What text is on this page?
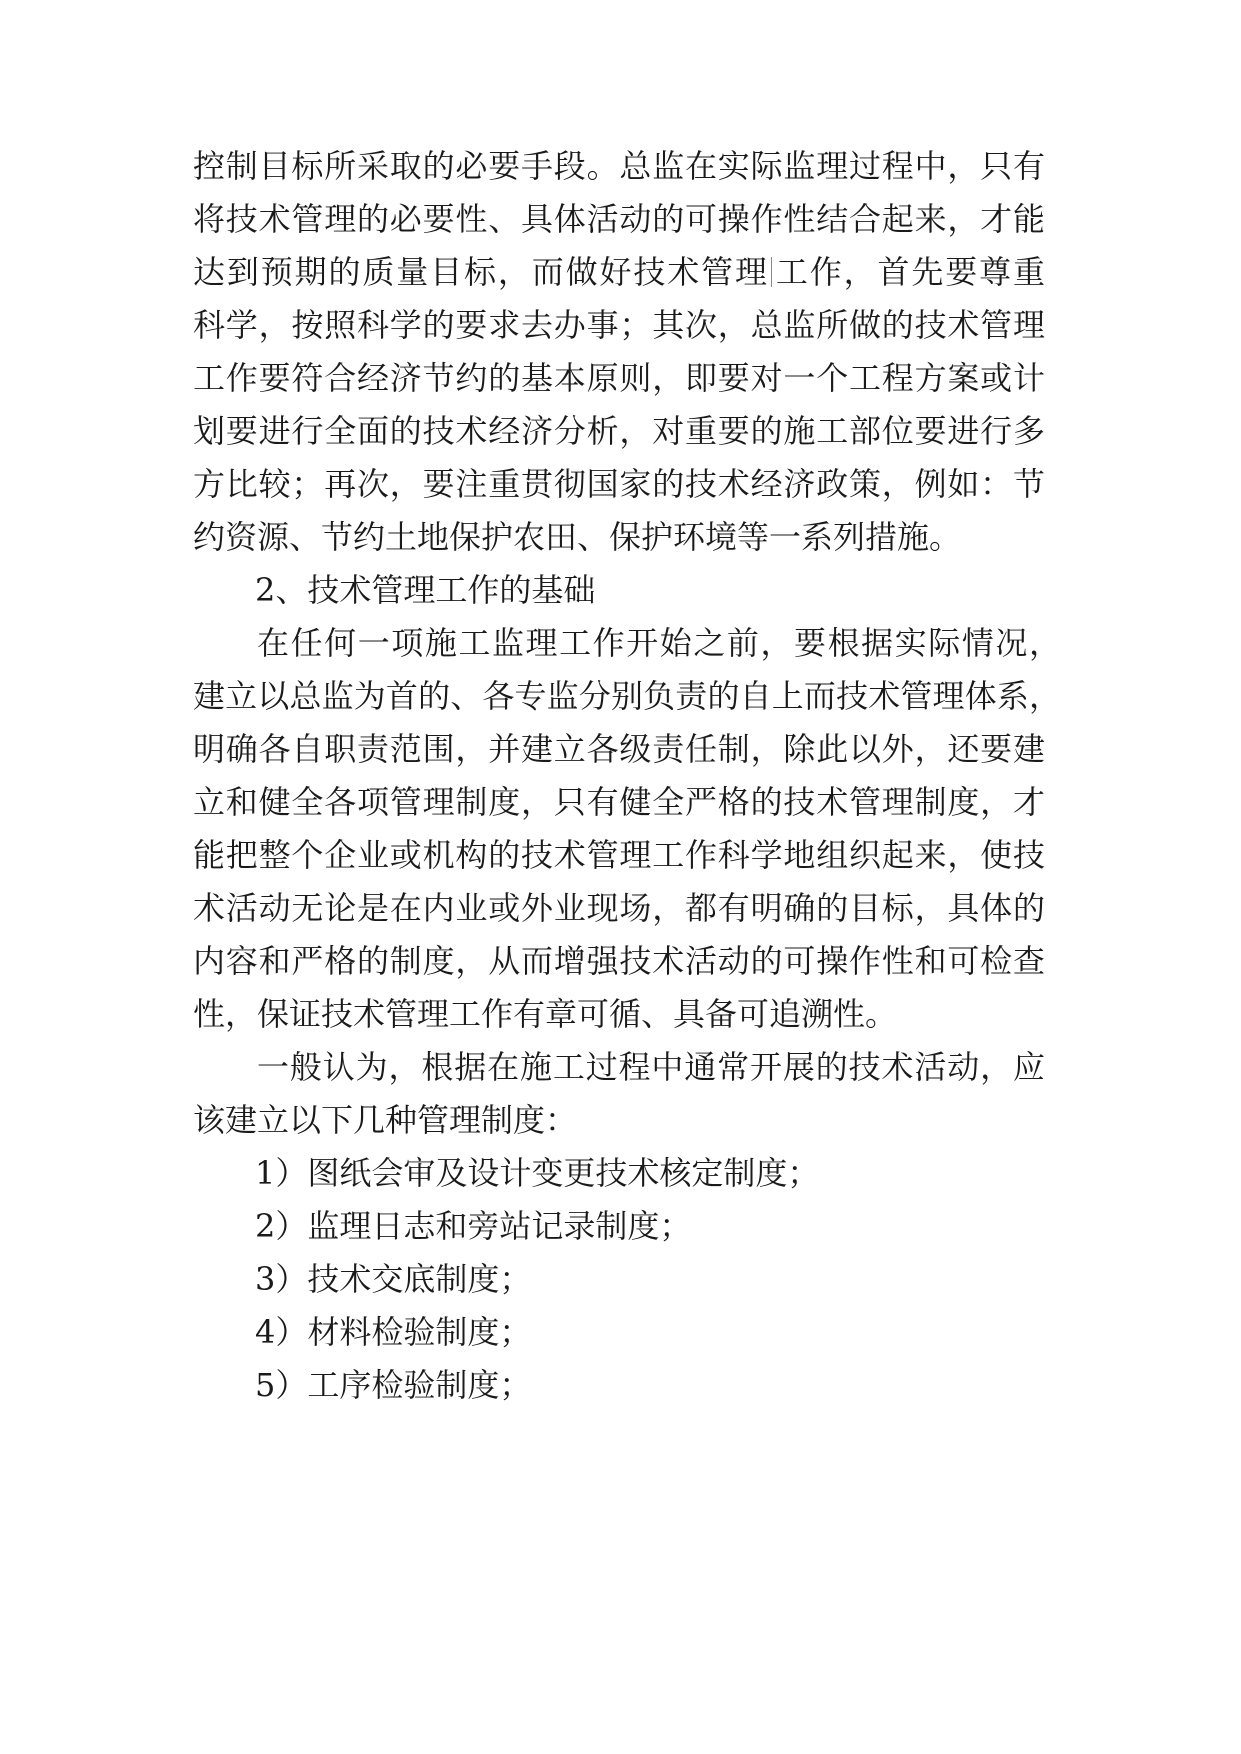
控制目标所采取的必要手段。总监在实际监理过程中，只有
将技术管理的必要性、具体活动的可操作性结合起来，才能
达到预期的质量目标，而做好技术管理 工作，首先要尊重
科学，按照科学的要求去办事；其次，总监所做的技术管理
工作要符合经济节约的基本原则，即要对一个工程方案或计
划要进行全面的技术经济分析，对重要的施工部位要进行多
方比较；再次，要注重贯彻国家的技术经济政策，例如：节
约资源、节约土地保护农田、保护环境等一系列措施。
2、技术管理工作的基础
在任何一项施工监理工作开始之前，要根据实际情况，
建立以总监为首的、各专监分别负责的自上而技术管理体系，
明确各自职责范围，并建立各级责任制，除此以外，还要建
立和健全各项管理制度，只有健全严格的技术管理制度，才
能把整个企业或机构的技术管理工作科学地组织起来，使技
术活动无论是在内业或外业现场，都有明确的目标，具体的
内容和严格的制度，从而增强技术活动的可操作性和可检查
性，保证技术管理工作有章可循、具备可追溯性。
一般认为，根据在施工过程中通常开展的技术活动，应
该建立以下几种管理制度：
1）图纸会审及设计变更技术核定制度；
2）监理日志和旁站记录制度；
3）技术交底制度；
4）材料检验制度；
5）工序检验制度；
